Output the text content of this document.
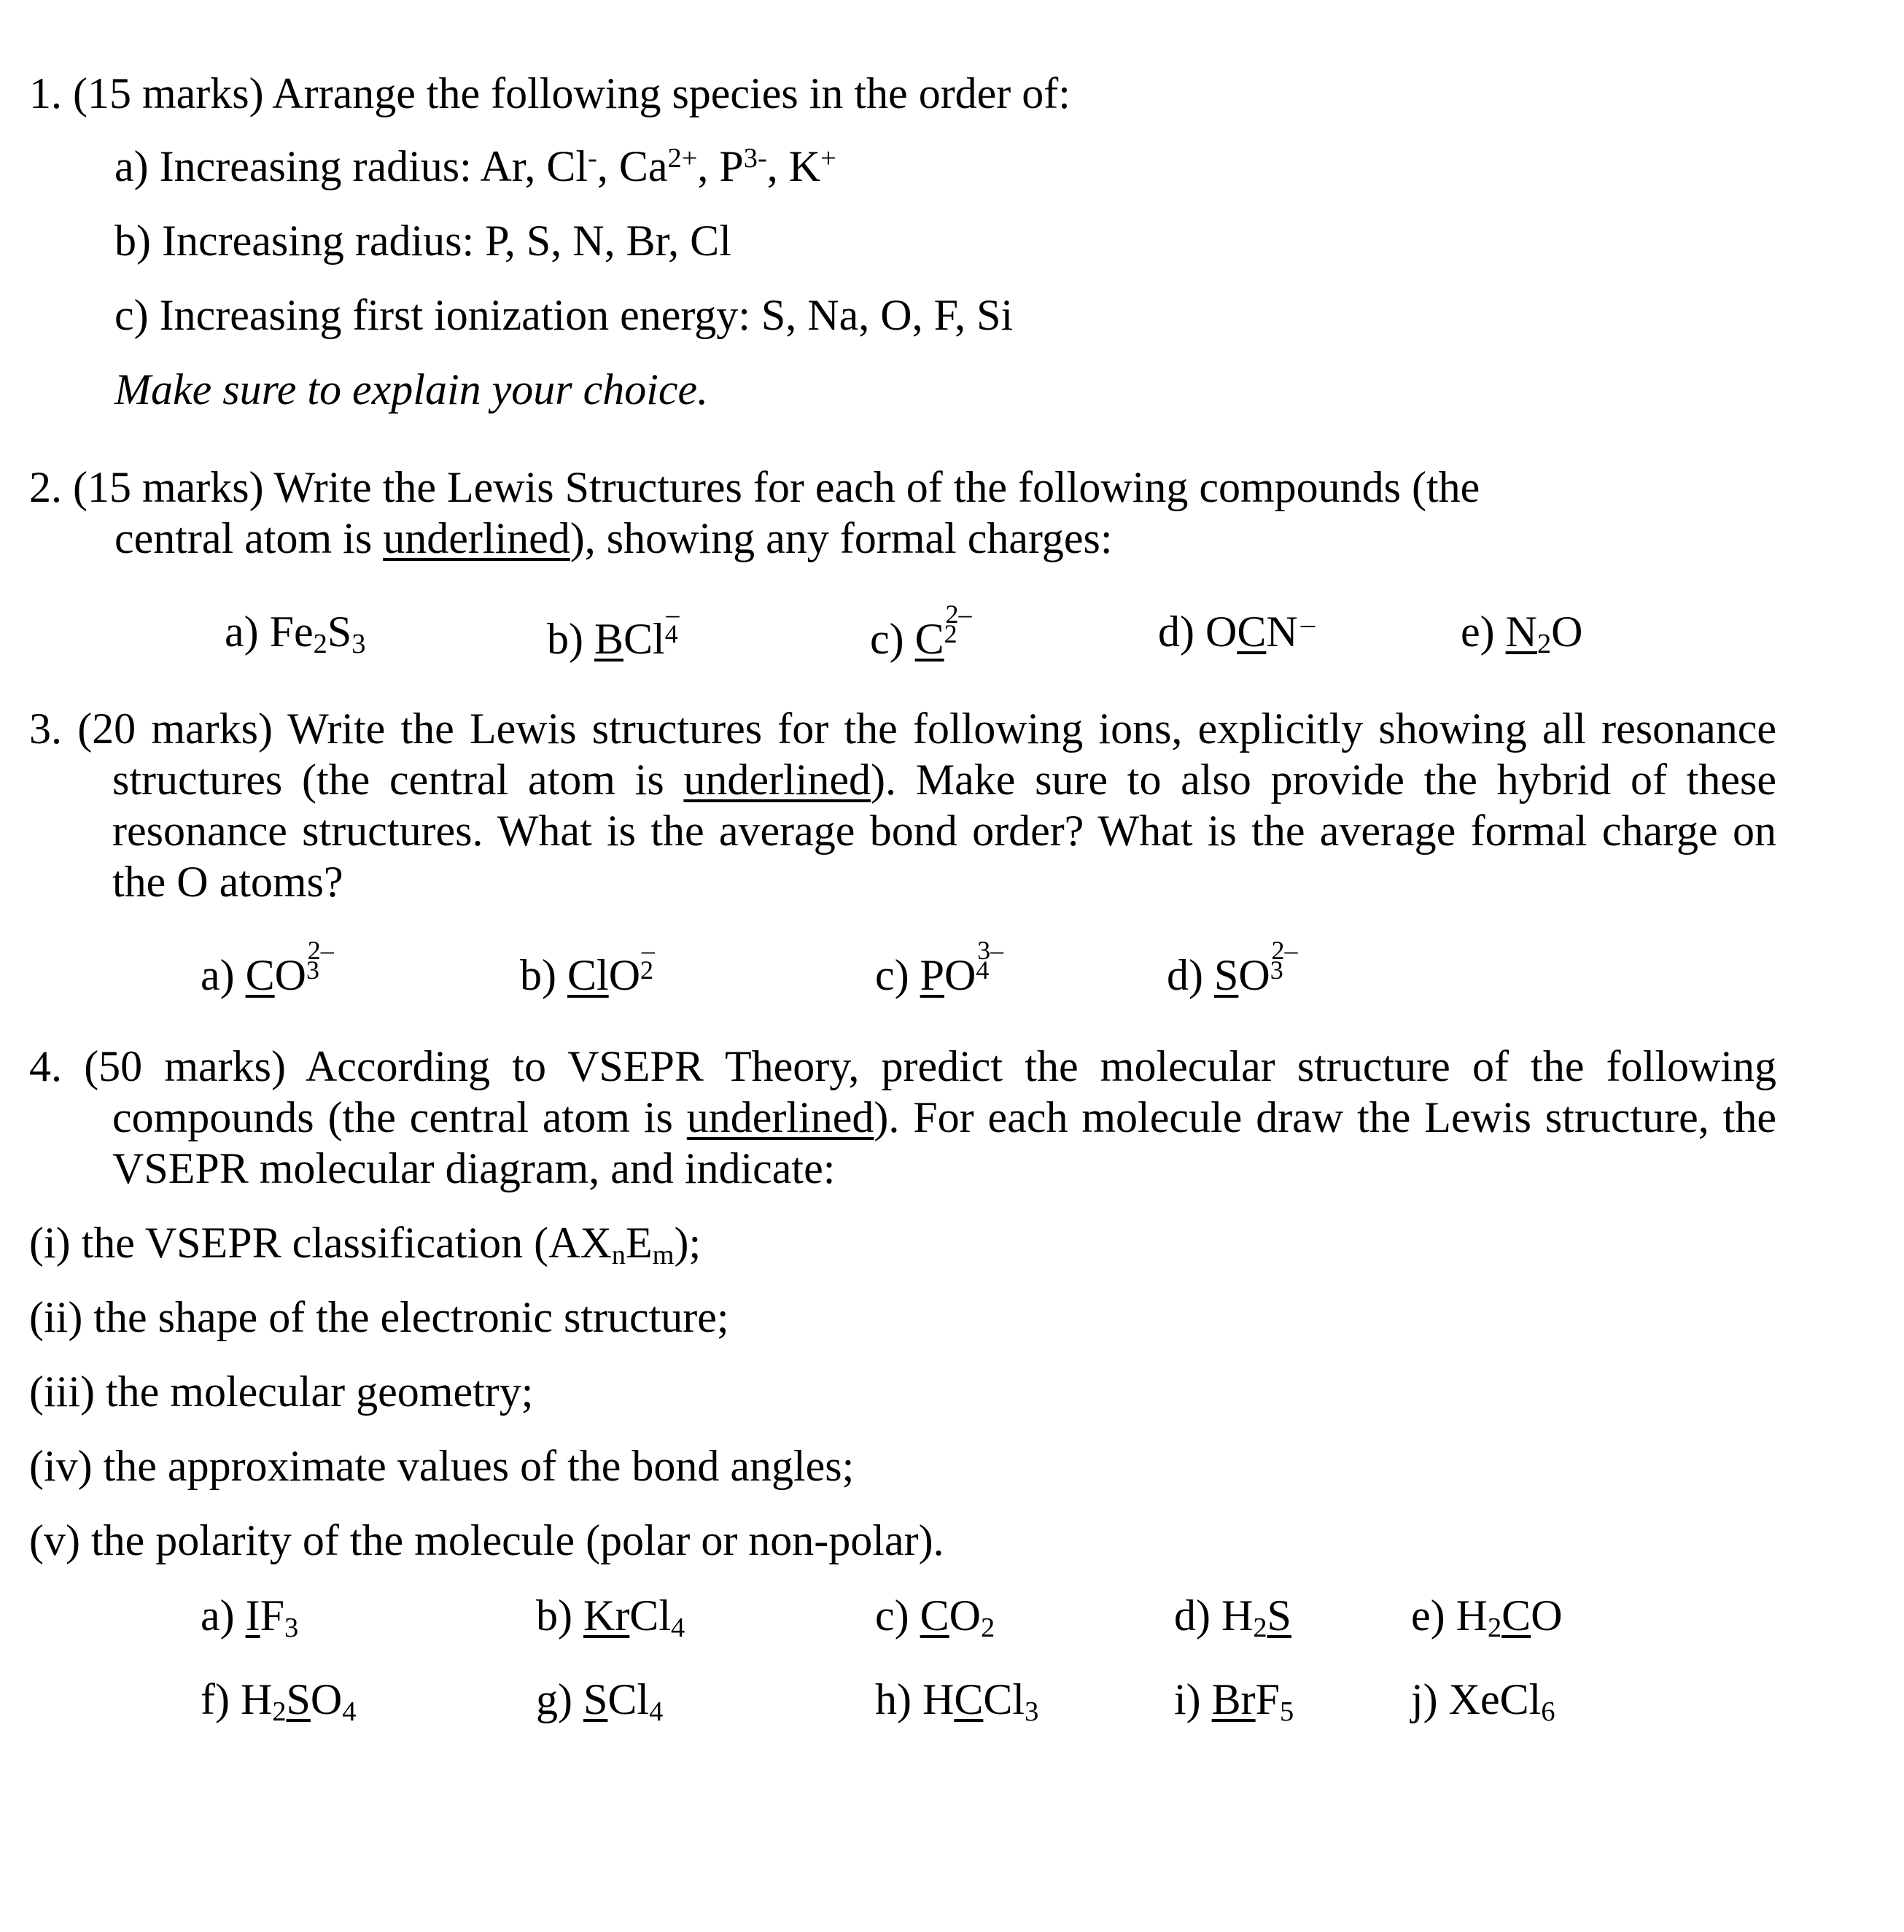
1. (15 marks) Arrange the following species in the order of:
a) Increasing radius: Ar, Cl-, $Ca^{2+}$, $P^{3-}$, K+
b) Increasing radius: P, S, N, Br, Cl
c) Increasing first ionization energy: S, Na, O, F, Si
Make sure to explain your choice.
2. (15 marks) Write the Lewis Structures for each of the following compounds (the
central atom is underlined), showing any formal charges:
a) $Fe_2S_3$	b) BCl
–
4	c) C
2–
2	d) OCN –	e) $N_2O$
3. (20 marks) Write the Lewis structures for the following ions, explicitly showing all resonance structures (the central atom is underlined). Make sure to also provide the hybrid of these resonance structures. What is the average bond order? What is the average formal charge on the O atoms?
a) CO
2–
3	b) ClO
–
2	c) PO
3–
4	d) SO
2–
3
4. (50 marks) According to VSEPR Theory, predict the molecular structure of the following compounds (the central atom is underlined). For each molecule draw the Lewis structure, the VSEPR molecular diagram, and indicate:
(i) the VSEPR classification $(AX_nE_m)$;
(ii) the shape of the electronic structure;
(iii) the molecular geometry;
(iv) the approximate values of the bond angles;
(v) the polarity of the molecule (polar or non-polar).
a) $IF_3$	b) KrCl$_4$	c) $CO_2$	d) $H_2S$	e) $H_2CO$
f) $H_2SO_4$	g) SCl$_4$	h) HCCl$_3$	i) BrF$_5$	j) XeCl$_6$
